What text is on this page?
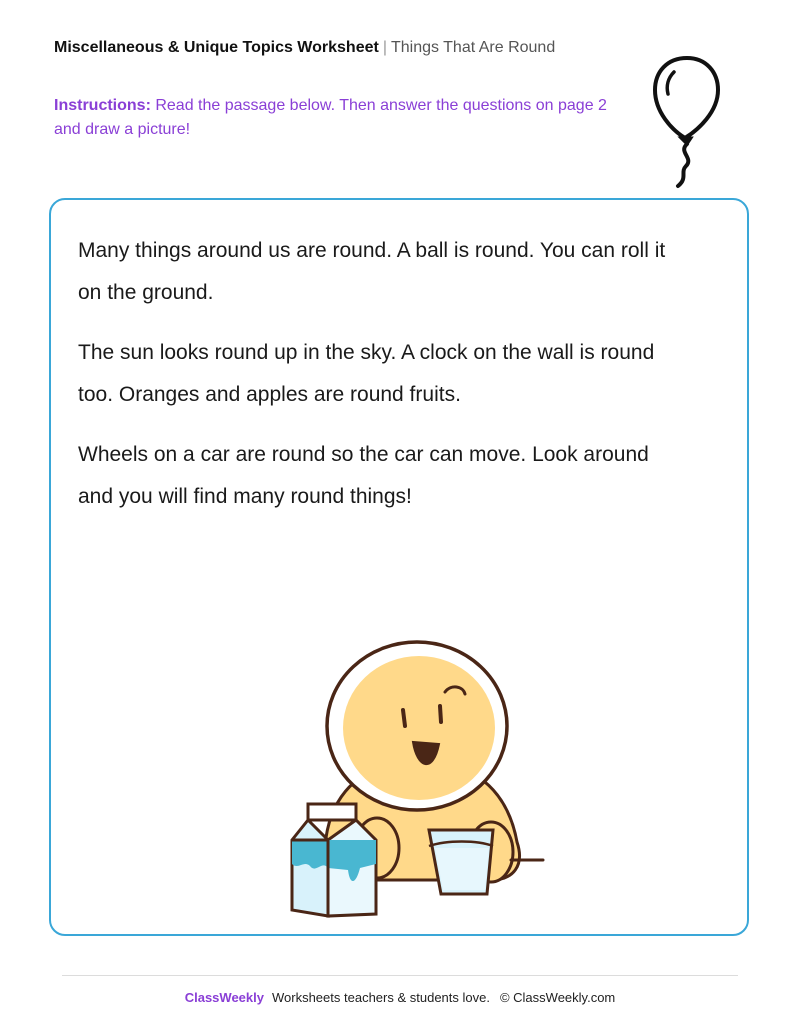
Miscellaneous & Unique Topics Worksheet | Things That Are Round
Instructions: Read the passage below. Then answer the questions on page 2 and draw a picture!

Many things around us are round. A ball is round. You can roll it on the ground.

The sun looks round up in the sky. A clock on the wall is round too. Oranges and apples are round fruits.

Wheels on a car are round so the car can move. Look around and you will find many round things!

ClassWeekly Worksheets teachers & students love. © ClassWeekly.com
